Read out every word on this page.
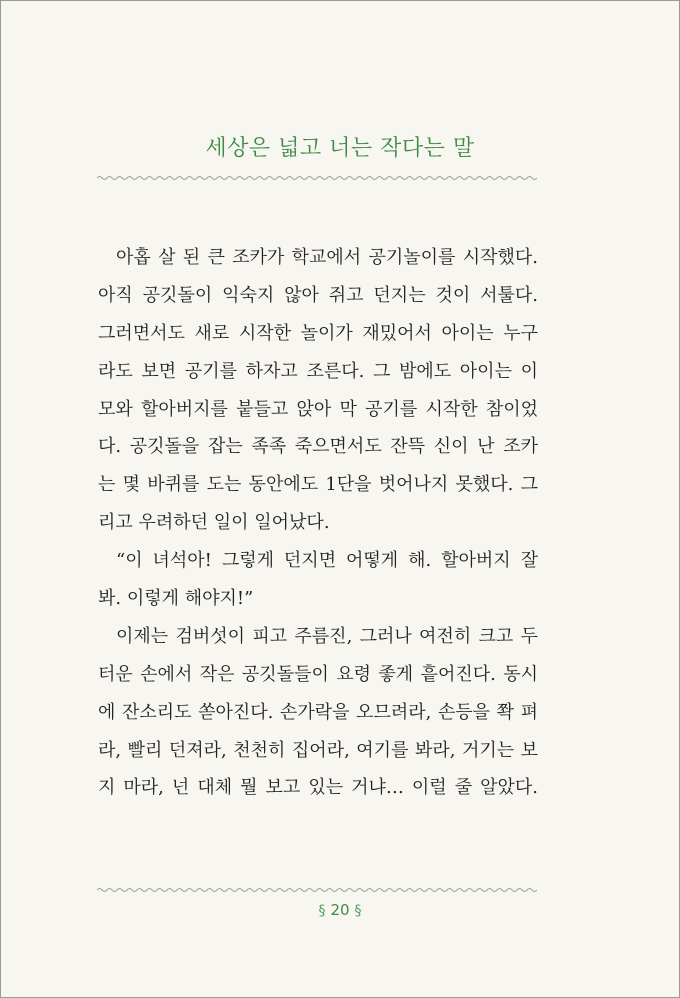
세상은 넓고 너는 작다는 말
아홉 살 된 큰 조카가 학교에서 공기놀이를 시작했다.
아직 공깃돌이 익숙지 않아 쥐고 던지는 것이 서툴다.
그러면서도 새로 시작한 놀이가 재밌어서 아이는 누구
라도 보면 공기를 하자고 조른다. 그 밤에도 아이는 이
모와 할아버지를 붙들고 앉아 막 공기를 시작한 참이었
다. 공깃돌을 잡는 족족 죽으면서도 잔뜩 신이 난 조카
는 몇 바퀴를 도는 동안에도 1단을 벗어나지 못했다. 그
리고 우려하던 일이 일어났다.
“이 녀석아! 그렇게 던지면 어떻게 해. 할아버지 잘
봐. 이렇게 해야지!”
이제는 검버섯이 피고 주름진, 그러나 여전히 크고 두
터운 손에서 작은 공깃돌들이 요령 좋게 흩어진다. 동시
에 잔소리도 쏟아진다. 손가락을 오므려라, 손등을 쫙 펴
라, 빨리 던져라, 천천히 집어라, 여기를 봐라, 거기는 보
지 마라, 넌 대체 뭘 보고 있는 거냐… 이럴 줄 알았다.
§ 20 §
